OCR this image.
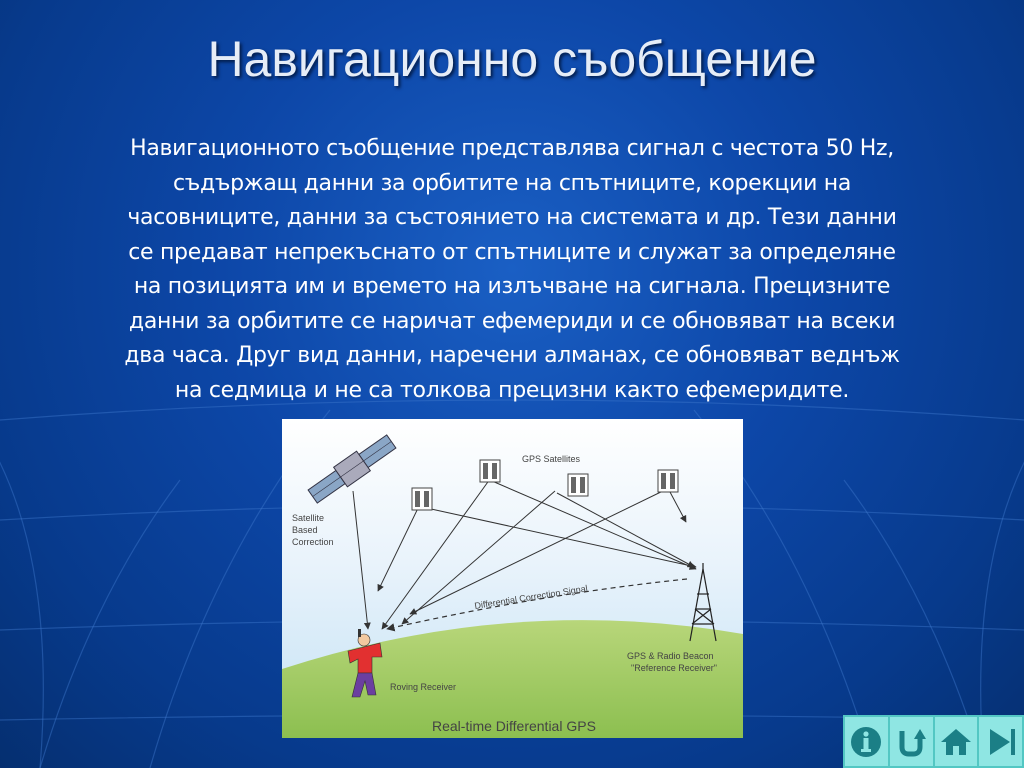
Навигационно съобщение
Навигационното съобщение представлява сигнал с честота 50 Hz,
съдържащ данни за орбитите на спътниците, корекции на
часовниците, данни за състоянието на системата и др. Тези данни
се предават непрекъснато от спътниците и служат за определяне
на позицията им и времето на излъчване на сигнала. Прецизните
данни за орбитите се наричат ефемериди и се обновяват на всеки
два часа. Друг вид данни, наречени алманах, се обновяват веднъж
на седмица и не са толкова прецизни както ефемеридите.
GPS Satellites
Satellite Based Correction
Differential Correction Signal
GPS & Radio Beacon "Reference Receiver"
Roving Receiver
Real-time Differential GPS
